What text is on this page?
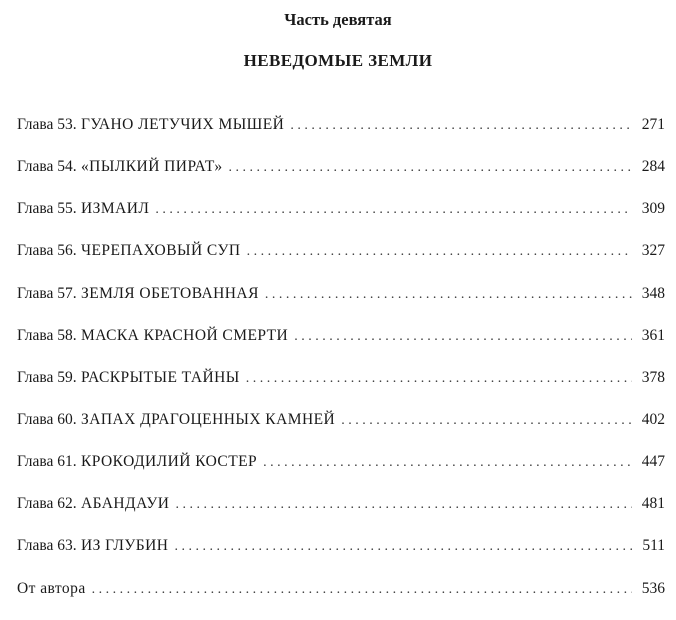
Часть девятая
НЕВЕДОМЫЕ ЗЕМЛИ
Глава 53. ГУАНО ЛЕТУЧИХ МЫШЕЙ . . .	271
Глава 54. «ПЫЛКИЙ ПИРАТ» . . .	284
Глава 55. ИЗМАИЛ . . .	309
Глава 56. ЧЕРЕПАХОВЫЙ СУП . . .	327
Глава 57. ЗЕМЛЯ ОБЕТОВАННАЯ . . .	348
Глава 58. МАСКА КРАСНОЙ СМЕРТИ . . .	361
Глава 59. РАСКРЫТЫЕ ТАЙНЫ . . .	378
Глава 60. ЗАПАХ ДРАГОЦЕННЫХ КАМНЕЙ . . .	402
Глава 61. КРОКОДИЛИЙ КОСТЕР . . .	447
Глава 62. АБАНДАУИ . . .	481
Глава 63. ИЗ ГЛУБИН . . .	511
От автора . . .	536
